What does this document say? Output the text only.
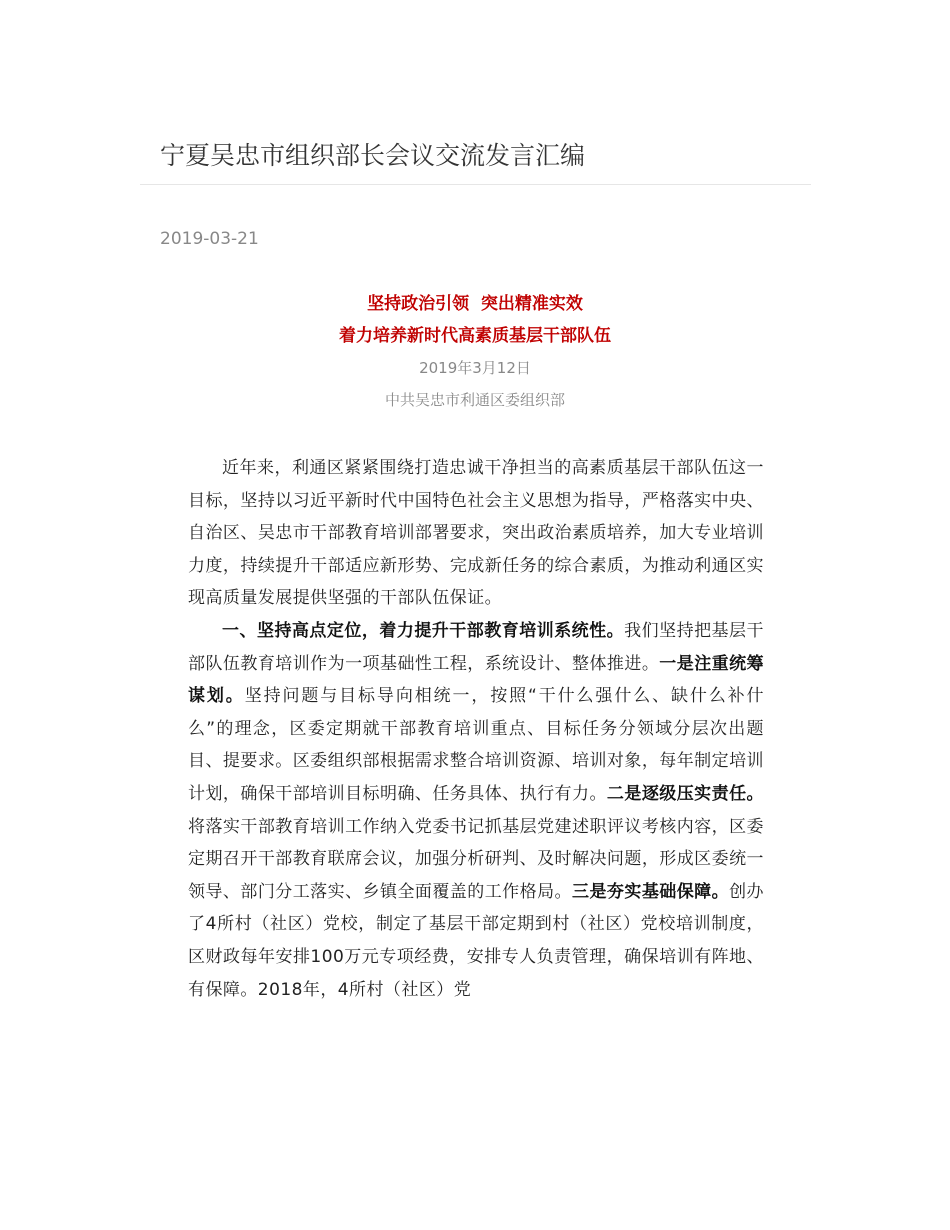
宁夏吴忠市组织部长会议交流发言汇编
2019-03-21
坚持政治引领  突出精准实效
着力培养新时代高素质基层干部队伍
2019年3月12日
中共吴忠市利通区委组织部

近年来，利通区紧紧围绕打造忠诚干净担当的高素质基层干部队伍这一目标，坚持以习近平新时代中国特色社会主义思想为指导，严格落实中央、自治区、吴忠市干部教育培训部署要求，突出政治素质培养，加大专业培训力度，持续提升干部适应新形势、完成新任务的综合素质，为推动利通区实现高质量发展提供坚强的干部队伍保证。

一、坚持高点定位，着力提升干部教育培训系统性。我们坚持把基层干部队伍教育培训作为一项基础性工程，系统设计、整体推进。一是注重统筹谋划。坚持问题与目标导向相统一，按照“干什么强什么、缺什么补什么”的理念，区委定期就干部教育培训重点、目标任务分领域分层次出题目、提要求。区委组织部根据需求整合培训资源、培训对象，每年制定培训计划，确保干部培训目标明确、任务具体、执行有力。二是逐级压实责任。将落实干部教育培训工作纳入党委书记抓基层党建述职评议考核内容，区委定期召开干部教育联席会议，加强分析研判、及时解决问题，形成区委统一领导、部门分工落实、乡镇全面覆盖的工作格局。三是夯实基础保障。创办了4所村（社区）党校，制定了基层干部定期到村（社区）党校培训制度，区财政每年安排100万元专项经费，安排专人负责管理，确保培训有阵地、有保障。2018年，4所村（社区）党
